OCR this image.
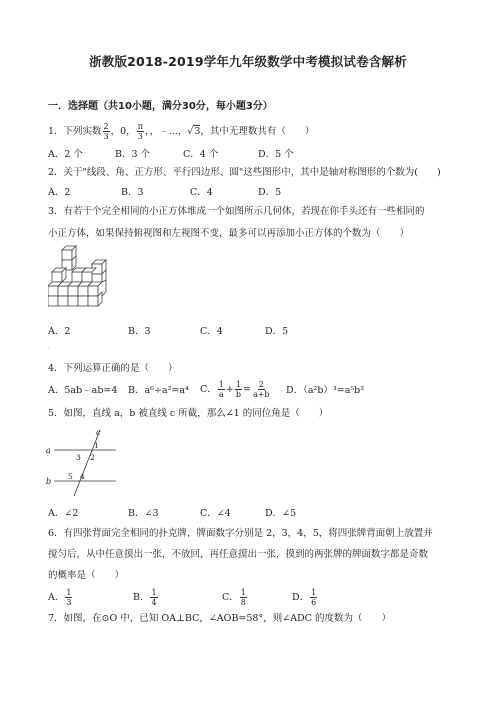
浙教版2018-2019学年九年级数学中考模拟试卷含解析
一．选择题（共10小题，满分30分，每小题3分）
1．下列实数 $\frac{2}{3}$ ，0， $\frac{\pi}{3}$ ，，﹣...，√3，其中无理数共有（　　）
A．2 个	B．3 个	C．4 个	D．5 个
2．关于"线段、角、正方形、平行四边形、圆"这些图形中，其中是轴对称图形的个数为(　　)
A．2	B．3	C．4	D．5
3．有若干个完全相同的小正方体堆成一个如图所示几何体，若现在你手头还有一些相同的
小正方体，如果保持俯视图和左视图不变，最多可以再添加小正方体的个数为（　　）
A．2	B．3	C．4	D．5
.
4．下列运算正确的是（　　）
A．5ab﹣ab=4 B．a⁶÷a²=a⁴ C． $\frac{1}{a} + \frac{1}{b} = \frac{2}{a+b}$ D．（a²b）³=a⁵b³
5．如图，直线 a，b 被直线 c 所截，那么∠1 的同位角是（　　）
c
a
b
1
2
3
4
5
A．∠2	B．∠3	C．∠4	D．∠5
6．有四张背面完全相同的扑克牌，牌面数字分别是 2，3，4，5，将四张牌背面朝上放置并
搅匀后，从中任意摸出一张，不放回，再任意摸出一张，摸到的两张牌的牌面数字都是奇数
的概率是（　　）
A． $\frac{1}{3}$	B． $\frac{1}{4}$	C． $\frac{1}{8}$	D． $\frac{1}{6}$
7．如图，在⊙O 中，已知 OA⊥BC，∠AOB=58°，则∠ADC 的度数为（　　）
